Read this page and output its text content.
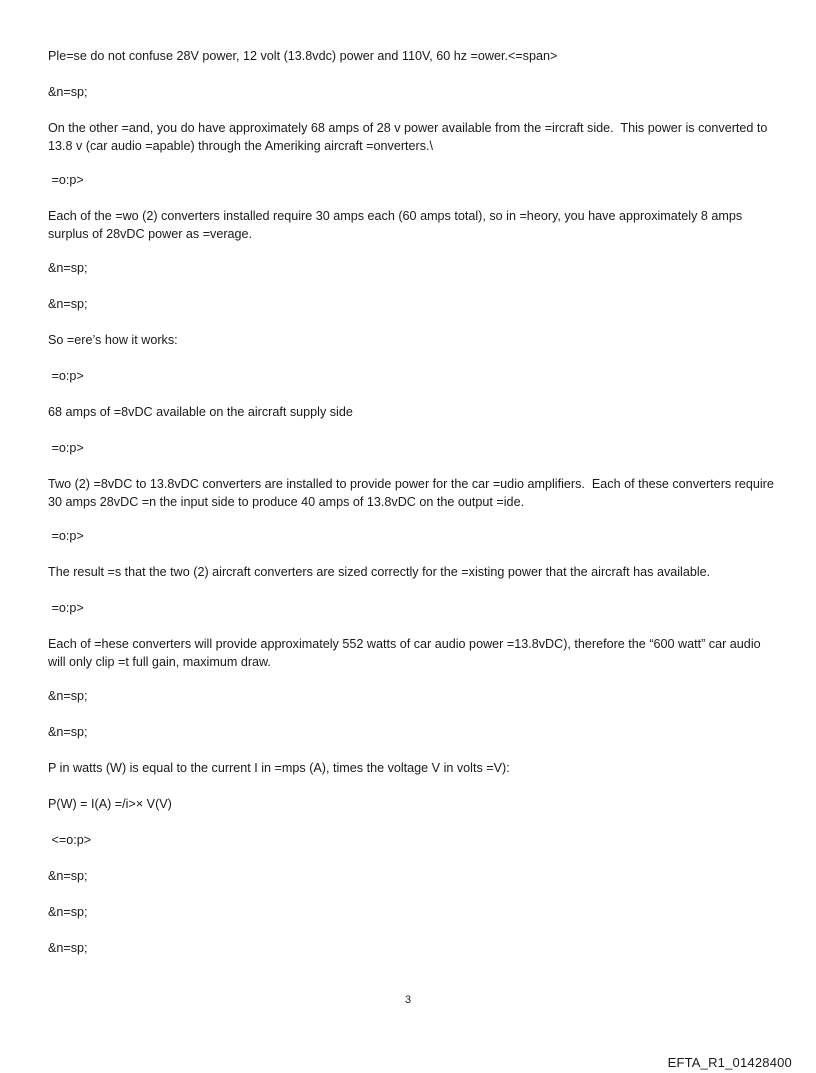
Ple=se do not confuse 28V power, 12 volt (13.8vdc) power and 110V, 60 hz =ower.<=span>

&n=sp;

On the other =and, you do have approximately 68 amps of 28 v power available from the =ircraft side.  This power is converted to 13.8 v (car audio =apable) through the Ameriking aircraft =onverters.\

=o:p>

Each of the =wo (2) converters installed require 30 amps each (60 amps total), so in =heory, you have approximately 8 amps surplus of 28vDC power as =verage.

&n=sp;

&n=sp;

So =ere’s how it works:

=o:p>

68 amps of =8vDC available on the aircraft supply side

=o:p>

Two (2) =8vDC to 13.8vDC converters are installed to provide power for the car =udio amplifiers.  Each of these converters require 30 amps 28vDC =n the input side to produce 40 amps of 13.8vDC on the output =ide.

=o:p>

The result =s that the two (2) aircraft converters are sized correctly for the =xisting power that the aircraft has available.

=o:p>

Each of =hese converters will provide approximately 552 watts of car audio power =13.8vDC), therefore the “600 watt” car audio will only clip =t full gain, maximum draw.

&n=sp;

&n=sp;

P in watts (W) is equal to the current I in =mps (A), times the voltage V in volts =V):

P(W) = I(A) =/i>× V(V)

<=o:p>

&n=sp;

&n=sp;

&n=sp;

3
EFTA_R1_01428400
